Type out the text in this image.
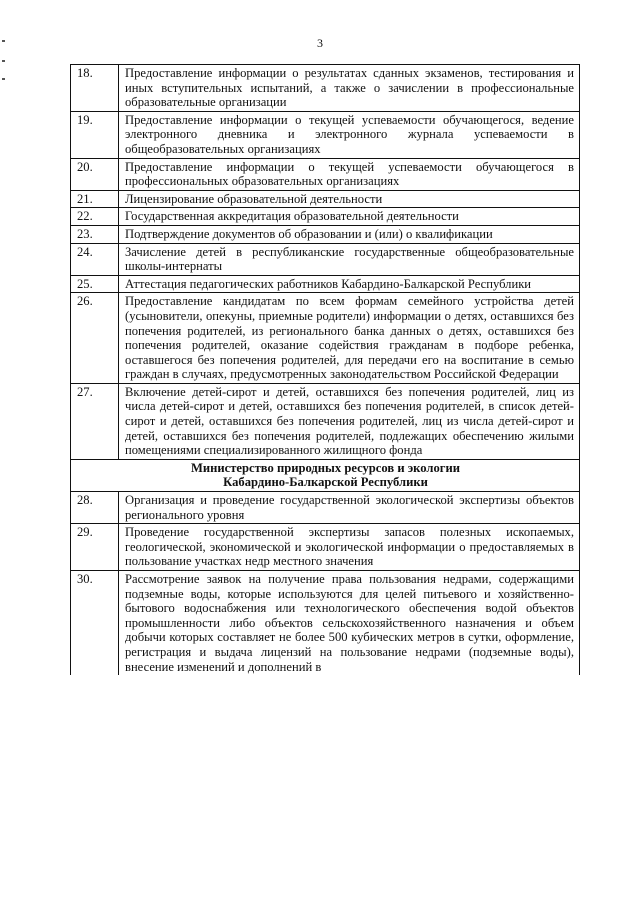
3
18.	Предоставление информации о результатах сданных экзаменов, тестирования и иных вступительных испытаний, а также о зачислении в профессиональные образовательные организации
19.	Предоставление информации о текущей успеваемости обучающегося, ведение электронного дневника и электронного журнала успеваемости в общеобразовательных организациях
20.	Предоставление информации о текущей успеваемости обучающегося в профессиональных образовательных организациях
21.	Лицензирование образовательной деятельности
22.	Государственная аккредитация образовательной деятельности
23.	Подтверждение документов об образовании и (или) о квалификации
24.	Зачисление детей в республиканские государственные общеобразовательные школы-интернаты
25.	Аттестация педагогических работников Кабардино-Балкарской Республики
26.	Предоставление кандидатам по всем формам семейного устройства детей (усыновители, опекуны, приемные родители) информации о детях, оставшихся без попечения родителей, из регионального банка данных о детях, оставшихся без попечения родителей, оказание содействия гражданам в подборе ребенка, оставшегося без попечения родителей, для передачи его на воспитание в семью граждан в случаях, предусмотренных законодательством Российской Федерации
27.	Включение детей-сирот и детей, оставшихся без попечения родителей, лиц из числа детей-сирот и детей, оставшихся без попечения родителей, в список детей-сирот и детей, оставшихся без попечения родителей, лиц из числа детей-сирот и детей, оставшихся без попечения родителей, подлежащих обеспечению жилыми помещениями специализированного жилищного фонда

Министерство природных ресурсов и экологии
Кабардино-Балкарской Республики	

28.	Организация и проведение государственной экологической экспертизы объектов регионального уровня
29.	Проведение государственной экспертизы запасов полезных ископаемых, геологической, экономической и экологической информации о предоставляемых в пользование участках недр местного значения
30.	Рассмотрение заявок на получение права пользования недрами, содержащими подземные воды, которые используются для целей питьевого и хозяйственно-бытового водоснабжения или технологического обеспечения водой объектов промышленности либо объектов сельскохозяйственного назначения и объем добычи которых составляет не более 500 кубических метров в сутки, оформление, регистрация и выдача лицензий на пользование недрами (подземные воды), внесение изменений и дополнений в
